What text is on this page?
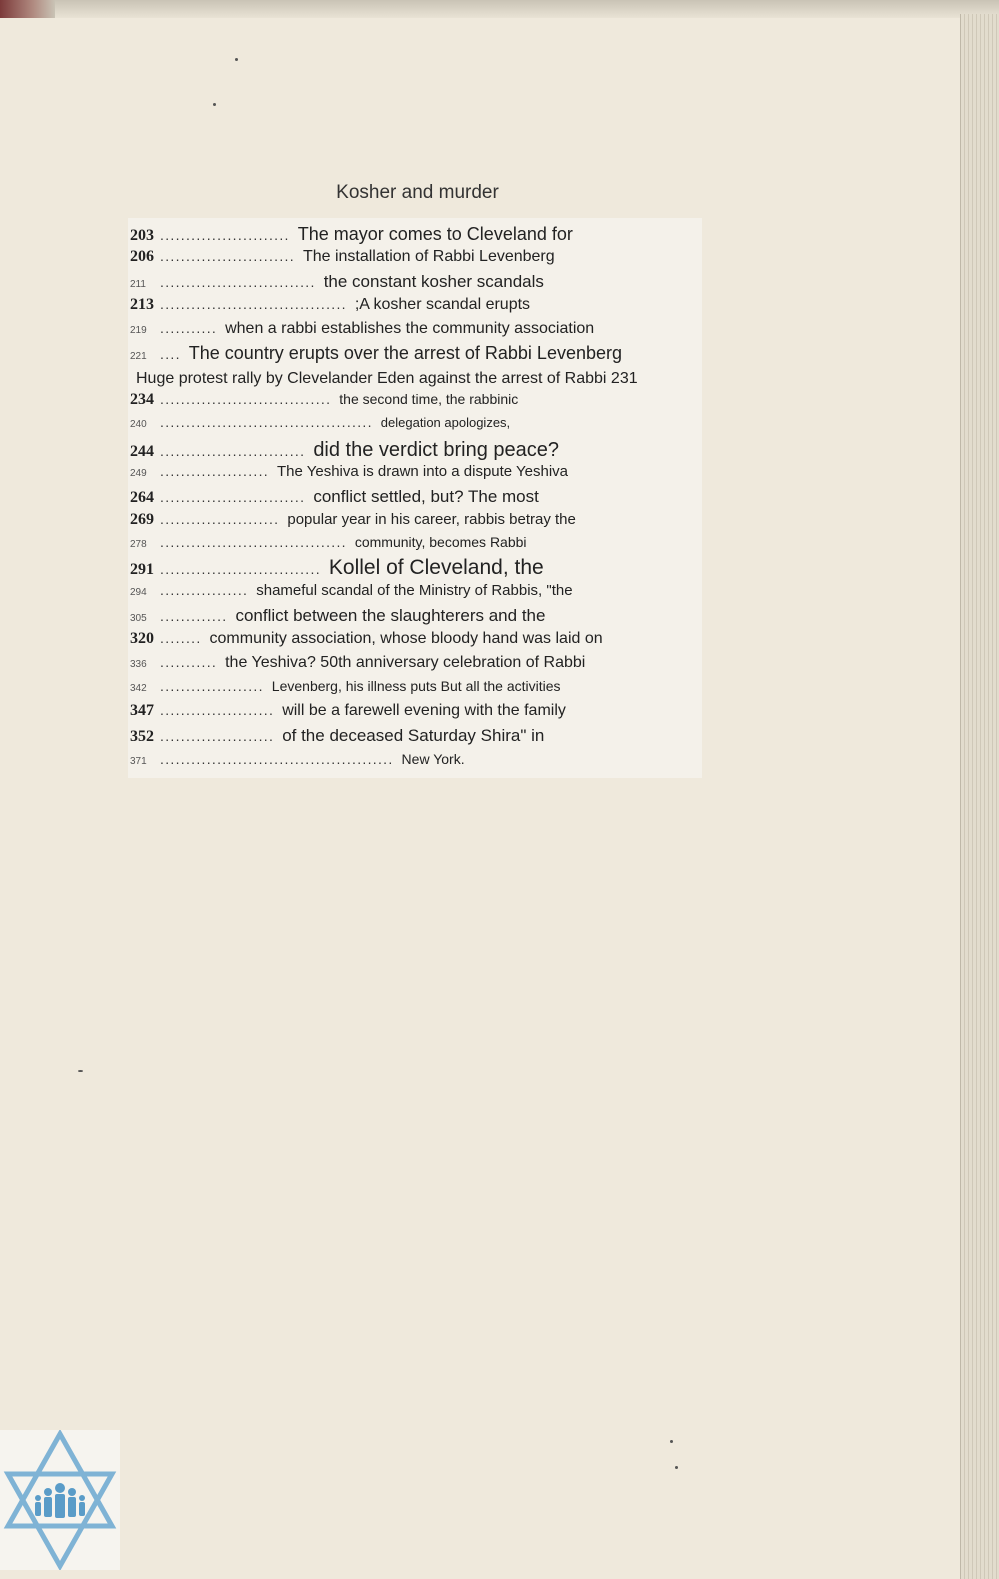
Kosher and murder
203 ......................... The mayor comes to Cleveland for
206 .......................... The installation of Rabbi Levenberg
211	.............................. the constant kosher scandals
213 .................................... ;A kosher scandal erupts
219 ........... when a rabbi establishes the community association
221 .... The country erupts over the arrest of Rabbi Levenberg
Huge protest rally by Clevelander Eden against the arrest of Rabbi 231
234 ................................. the second time, the rabbinic
240 ......................................... delegation apologizes,
244 ............................ did the verdict bring peace?
249 ..................... The Yeshiva is drawn into a dispute Yeshiva
264 ............................ conflict settled, but? The most
269 ....................... popular year in his career, rabbis betray the
278 .................................... community, becomes Rabbi
291 ............................... Kollel of Cleveland, the
294 ................. shameful scandal of the Ministry of Rabbis, "the
305 ............. conflict between the slaughterers and the
320 ........ community association, whose bloody hand was laid on
336 ........... the Yeshiva? 50th anniversary celebration of Rabbi
342 .................... Levenberg, his illness puts But all the activities
347 ...................... will be a farewell evening with the family
352 ...................... of the deceased Saturday Shira" in
371 ............................................. New York.
